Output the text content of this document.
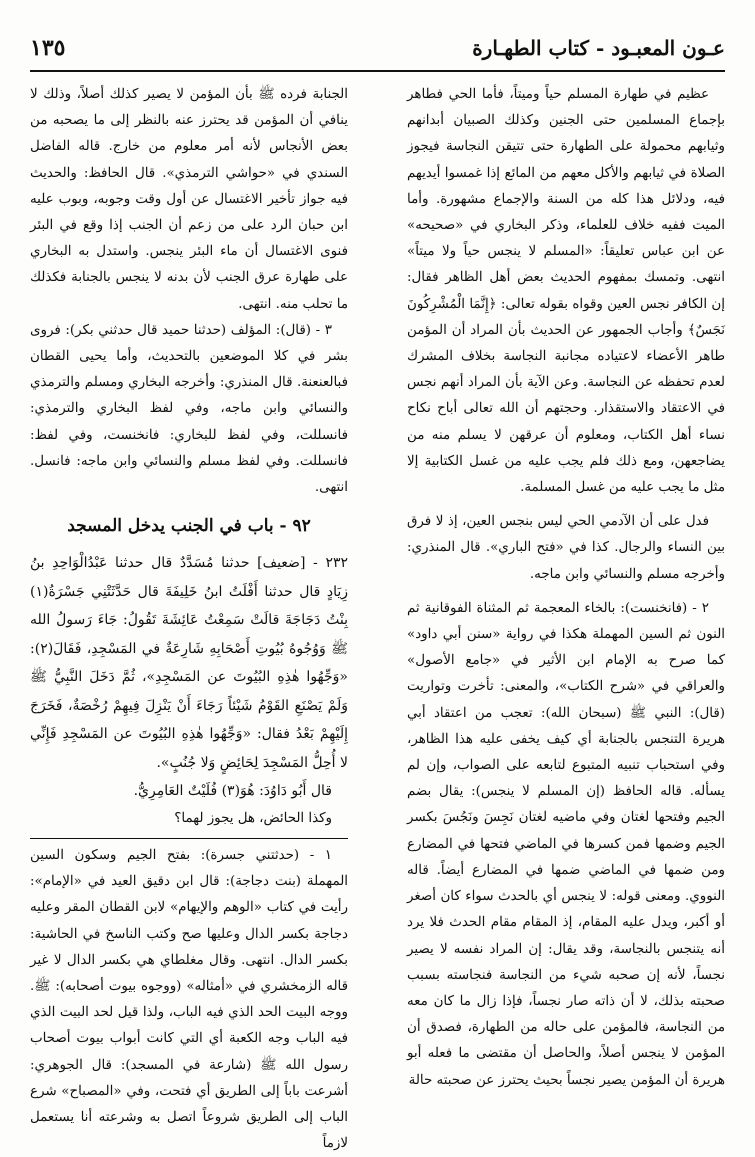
١٣٥	عـون المعبـود - كتاب الطهـارة

عظيم في طهارة المسلم حياً وميتاً، فأما الحي فطاهر بإجماع المسلمين حتى الجنين وكذلك الصبيان أبدانهم وثيابهم محمولة على الطهارة حتى تتيقن النجاسة فيجوز الصلاة في ثيابهم والأكل معهم من المائع إذا غمسوا أيديهم فيه، ودلائل هذا كله من السنة والإجماع مشهورة. وأما الميت ففيه خلاف للعلماء، وذكر البخاري في «صحيحه» عن ابن عباس تعليقاً: «المسلم لا ينجس حياً ولا ميتاً» انتهى. وتمسك بمفهوم الحديث بعض أهل الظاهر فقال: إن الكافر نجس العين وقواه بقوله تعالى: ﴿إِنَّمَا الْمُشْرِكُونَ نَجَسٌ﴾ وأجاب الجمهور عن الحديث بأن المراد أن المؤمن طاهر الأعضاء لاعتياده مجانبة النجاسة بخلاف المشرك لعدم تحفظه عن النجاسة. وعن الآية بأن المراد أنهم نجس في الاعتقاد والاستقذار. وحجتهم أن الله تعالى أباح نكاح نساء أهل الكتاب، ومعلوم أن عرقهن لا يسلم منه من يضاجعهن، ومع ذلك فلم يجب عليه من غسل الكتابية إلا مثل ما يجب عليه من غسل المسلمة.

فدل على أن الآدمي الحي ليس بنجس العين، إذ لا فرق بين النساء والرجال. كذا في «فتح الباري». قال المنذري: وأخرجه مسلم والنسائي وابن ماجه.

٢ - (فانخنست): بالخاء المعجمة ثم المثناة الفوقانية ثم النون ثم السين المهملة هكذا في رواية «سنن أبي داود» كما صرح به الإمام ابن الأثير في «جامع الأصول» والعراقي في «شرح الكتاب»، والمعنى: تأخرت وتواريت (قال): النبي ﷺ (سبحان الله): تعجب من اعتقاد أبي هريرة التنجس بالجنابة أي كيف يخفى عليه هذا الظاهر، وفي استحباب تنبيه المتبوع لتابعه على الصواب، وإن لم يسأله. قاله الحافظ (إن المسلم لا ينجس): يقال بضم الجيم وفتحها لغتان وفي ماضيه لغتان نَجِسَ ونَجُسَ بكسر الجيم وضمها فمن كسرها في الماضي فتحها في المضارع ومن ضمها في الماضي ضمها في المضارع أيضاً. قاله النووي. ومعنى قوله: لا ينجس أي بالحدث سواء كان أصغر أو أكبر، ويدل عليه المقام، إذ المقام مقام الحدث فلا يرد أنه يتنجس بالنجاسة، وقد يقال: إن المراد نفسه لا يصير نجساً، لأنه إن صحبه شيء من النجاسة فنجاسته بسبب صحبته بذلك، لا أن ذاته صار نجساً، فإذا زال ما كان معه من النجاسة، فالمؤمن على حاله من الطهارة، فصدق أن المؤمن لا ينجس أصلاً، والحاصل أن مقتضى ما فعله أبو هريرة أن المؤمن يصير نجساً بحيث يحترز عن صحبته حالة

الجنابة فرده ﷺ بأن المؤمن لا يصير كذلك أصلاً، وذلك لا ينافي أن المؤمن قد يحترز عنه بالنظر إلى ما يصحبه من بعض الأنجاس لأنه أمر معلوم من خارج. قاله الفاضل السندي في «حواشي الترمذي». قال الحافظ: والحديث فيه جواز تأخير الاغتسال عن أول وقت وجوبه، وبوب عليه ابن حبان الرد على من زعم أن الجنب إذا وقع في البئر فنوى الاغتسال أن ماء البئر ينجس. واستدل به البخاري على طهارة عرق الجنب لأن بدنه لا ينجس بالجنابة فكذلك ما تحلب منه. انتهى.

٣ - (قال): المؤلف (حدثنا حميد قال حدثني بكر): فروى بشر في كلا الموضعين بالتحديث، وأما يحيى القطان فبالعنعنة. قال المنذري: وأخرجه البخاري ومسلم والترمذي والنسائي وابن ماجه، وفي لفظ البخاري والترمذي: فانسللت، وفي لفظ للبخاري: فانخنست، وفي لفظ: فانسللت. وفي لفظ مسلم والنسائي وابن ماجه: فانسل. انتهى.

٩٢ - باب في الجنب يدخل المسجد

٢٣٢ - [ضعيف] حدثنا مُسَدَّدٌ قال حدثنا عَبْدُالْوَاحِدِ بنُ زِيَادٍ قال حدثنا أَفْلَتُ ابنُ خَلِيفَةَ قال حَدَّثَتْنِي جَسْرَةُ(١) بِنْتُ دَجَاجَةَ قالَتْ سَمِعْتُ عَائِشَةَ تَقُولُ: جَاءَ رَسولُ الله ﷺ وَوُجُوهُ بُيُوتِ أَصْحَابِهِ شَارِعَةٌ في المَسْجِدِ، فَقَالَ(٢): «وَجِّهُوا هٰذِهِ البُيُوتَ عن المَسْجِدِ»، ثُمَّ دَخَلَ النَّبِيُّ ﷺ وَلَمْ يَصْنَعِ القَوْمُ شَيْئاً رَجَاءَ أَنْ يَنْزِلَ فِيهِمْ رُخْصَةٌ، فَخَرَجَ إِلَيْهِمْ بَعْدُ فقال: «وَجِّهُوا هٰذِهِ البُيُوتَ عن المَسْجِدِ فَإِنِّي لا أُحِلُّ المَسْجِدَ لِحَائِضٍ وَلا جُنُبٍ».

قال أَبُو دَاوُدَ: هُوَ(٣) فُلَيْتٌ العَامِرِيُّ.

وكذا الحائض، هل يجوز لهما؟

١ - (حدثتني جسرة): بفتح الجيم وسكون السين المهملة (بنت دجاجة): قال ابن دقيق العيد في «الإمام»: رأيت في كتاب «الوهم والإيهام» لابن القطان المقر وعليه دجاجة بكسر الدال وعليها صح وكتب الناسخ في الحاشية: بكسر الدال. انتهى. وقال مغلطاي هي بكسر الدال لا غير قاله الزمخشري في «أمثاله» (ووجوه بيوت أصحابه): ﷺ. ووجه البيت الحد الذي فيه الباب، ولذا قيل لحد البيت الذي فيه الباب وجه الكعبة أي التي كانت أبواب بيوت أصحاب رسول الله ﷺ (شارعة في المسجد): قال الجوهري: أشرعت باباً إلى الطريق أي فتحت، وفي «المصباح» شرع الباب إلى الطريق شروعاً اتصل به وشرعته أنا يستعمل لازماً
